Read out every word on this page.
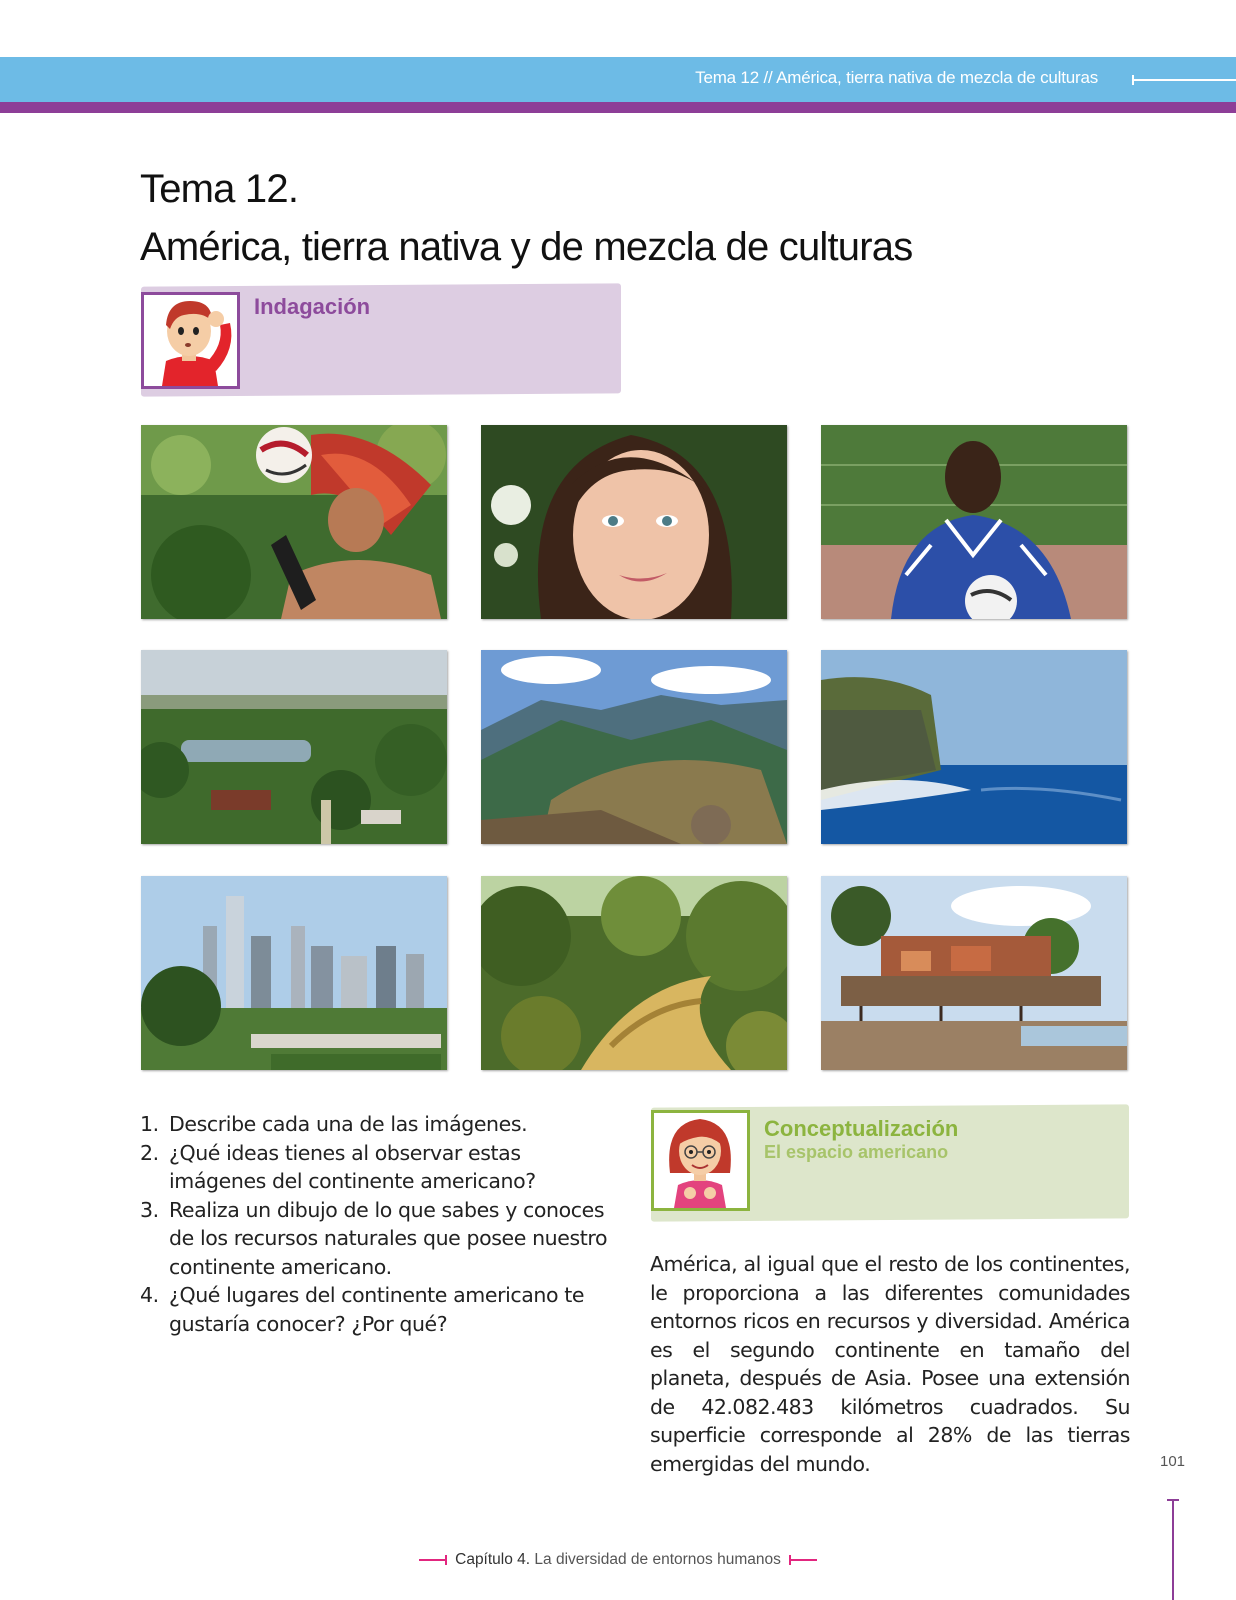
Tema 12 // América, tierra nativa de mezcla de culturas
Tema 12.
América, tierra nativa y de mezcla de culturas
Indagación
1. Describe cada una de las imágenes.
2. ¿Qué ideas tienes al observar estas imágenes del continente americano?
3. Realiza un dibujo de lo que sabes y conoces de los recursos naturales que posee nuestro continente americano.
4. ¿Qué lugares del continente americano te gustaría conocer? ¿Por qué?
Conceptualización
El espacio americano

América, al igual que el resto de los continentes, le proporciona a las diferentes comunidades entornos ricos en recursos y diversidad. América es el segundo continente en tamaño del planeta, después de Asia. Posee una extensión de 42.082.483 kilómetros cuadrados. Su superficie corresponde al 28% de las tierras emergidas del mundo.	101
Capítulo 4. La diversidad de entornos humanos
